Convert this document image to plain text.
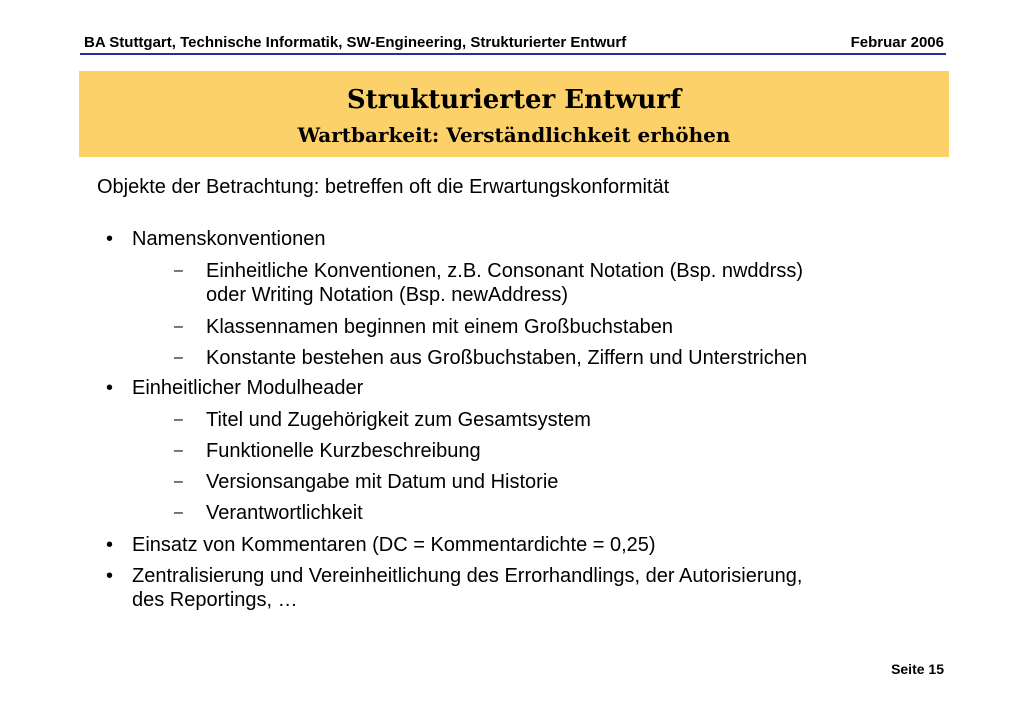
BA Stuttgart, Technische Informatik, SW-Engineering, Strukturierter Entwurf	Februar 2006
Strukturierter Entwurf
Wartbarkeit: Verständlichkeit erhöhen
Objekte der Betrachtung: betreffen oft die Erwartungskonformität
• Namenskonventionen
– Einheitliche Konventionen, z.B. Consonant Notation (Bsp. nwddrss)
oder Writing Notation (Bsp. newAddress)
– Klassennamen beginnen mit einem Großbuchstaben
– Konstante bestehen aus Großbuchstaben, Ziffern und Unterstrichen
• Einheitlicher Modulheader
– Titel und Zugehörigkeit zum Gesamtsystem
– Funktionelle Kurzbeschreibung
– Versionsangabe mit Datum und Historie
– Verantwortlichkeit
• Einsatz von Kommentaren (DC = Kommentardichte = 0,25)
• Zentralisierung und Vereinheitlichung des Errorhandlings, der Autorisierung,
des Reportings, …
Seite 15
